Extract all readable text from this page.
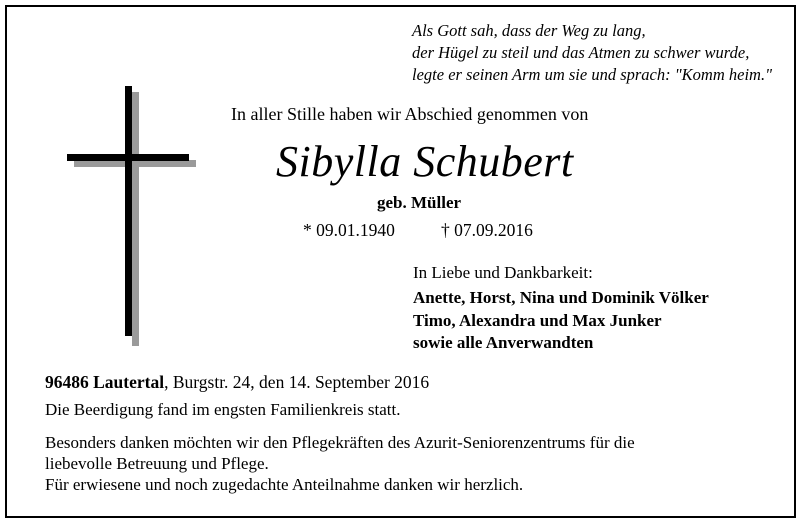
Als Gott sah, dass der Weg zu lang,
der Hügel zu steil und das Atmen zu schwer wurde,
legte er seinen Arm um sie und sprach: "Komm heim."
In aller Stille haben wir Abschied genommen von
Sibylla Schubert
geb. Müller
* 09.01.1940	† 07.09.2016
In Liebe und Dankbarkeit:
Anette, Horst, Nina und Dominik Völker
Timo, Alexandra und Max Junker
sowie alle Anverwandten
96486 Lautertal, Burgstr. 24, den 14. September 2016
Die Beerdigung fand im engsten Familienkreis statt.
Besonders danken möchten wir den Pflegekräften des Azurit-Seniorenzentrums für die
liebevolle Betreuung und Pflege.
Für erwiesene und noch zugedachte Anteilnahme danken wir herzlich.
